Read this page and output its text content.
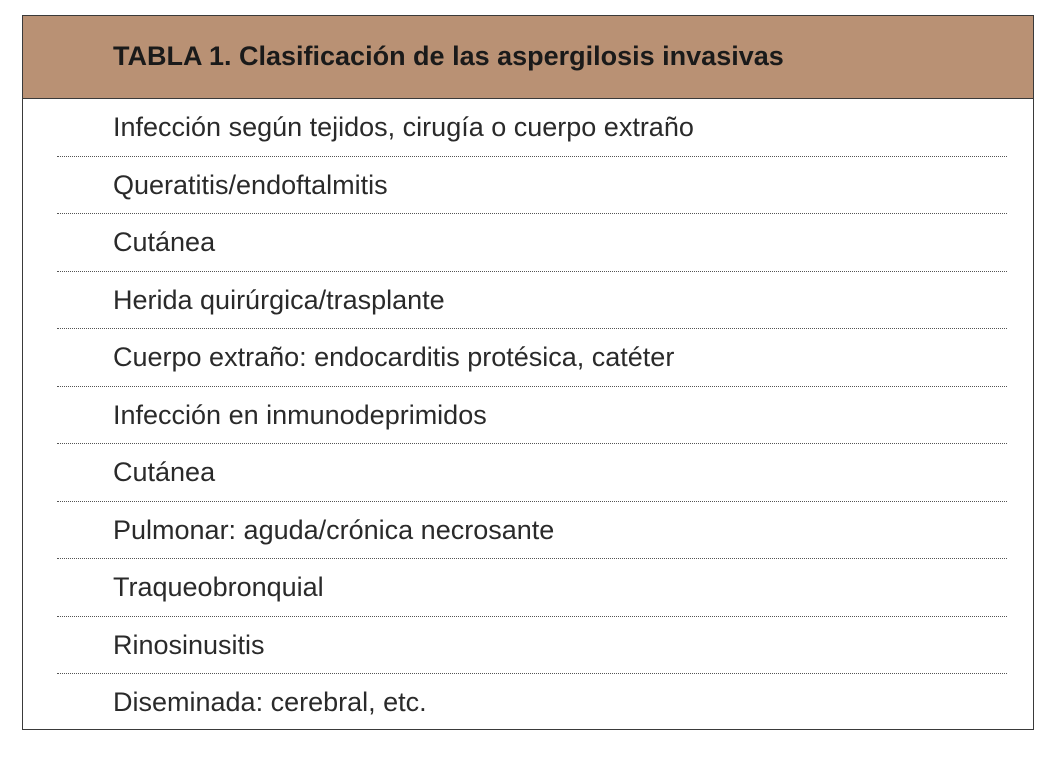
TABLA 1. Clasificación de las aspergilosis invasivas
Infección según tejidos, cirugía o cuerpo extraño
Queratitis/endoftalmitis
Cutánea
Herida quirúrgica/trasplante
Cuerpo extraño: endocarditis protésica, catéter
Infección en inmunodeprimidos
Cutánea
Pulmonar: aguda/crónica necrosante
Traqueobronquial
Rinosinusitis
Diseminada: cerebral, etc.
